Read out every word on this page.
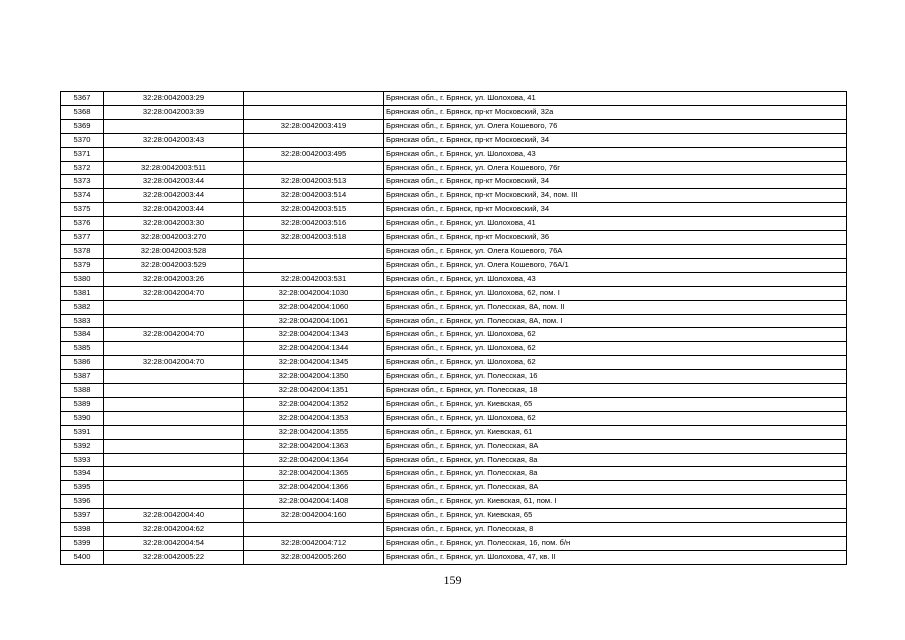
5367	32:28:0042003:29		Брянская обл., г. Брянск, ул. Шолохова, 41
5368	32:28:0042003:39		Брянская обл., г. Брянск, пр-кт Московский, 32а
5369		32:28:0042003:419	Брянская обл., г. Брянск, ул. Олега Кошевого, 76
5370	32:28:0042003:43		Брянская обл., г. Брянск, пр-кт Московский, 34
5371		32:28:0042003:495	Брянская обл., г. Брянск, ул. Шолохова, 43
5372	32:28:0042003:511		Брянская обл., г. Брянск, ул. Олега Кошевого, 76г
5373	32:28:0042003:44	32:28:0042003:513	Брянская обл., г. Брянск, пр-кт Московский, 34
5374	32:28:0042003:44	32:28:0042003:514	Брянская обл., г. Брянск, пр-кт Московский, 34, пом. III
5375	32:28:0042003:44	32:28:0042003:515	Брянская обл., г. Брянск, пр-кт Московский, 34
5376	32:28:0042003:30	32:28:0042003:516	Брянская обл., г. Брянск, ул. Шолохова, 41
5377	32:28:0042003:270	32:28:0042003:518	Брянская обл., г. Брянск, пр-кт Московский, 36
5378	32:28:0042003:528		Брянская обл., г. Брянск, ул. Олега Кошевого, 76А
5379	32:28:0042003:529		Брянская обл., г. Брянск, ул. Олега Кошевого, 76А/1
5380	32:28:0042003:26	32:28:0042003:531	Брянская обл., г. Брянск, ул. Шолохова, 43
5381	32:28:0042004:70	32:28:0042004:1030	Брянская обл., г. Брянск, ул. Шолохова, 62, пом. I
5382		32:28:0042004:1060	Брянская обл., г. Брянск, ул. Полесская, 8А, пом. II
5383		32:28:0042004:1061	Брянская обл., г. Брянск, ул. Полесская, 8А, пом. I
5384	32:28:0042004:70	32:28:0042004:1343	Брянская обл., г. Брянск, ул. Шолохова, 62
5385		32:28:0042004:1344	Брянская обл., г. Брянск, ул. Шолохова, 62
5386	32:28:0042004:70	32:28:0042004:1345	Брянская обл., г. Брянск, ул. Шолохова, 62
5387		32:28:0042004:1350	Брянская обл., г. Брянск, ул. Полесская, 16
5388		32:28:0042004:1351	Брянская обл., г. Брянск, ул. Полесская, 18
5389		32:28:0042004:1352	Брянская обл., г. Брянск, ул. Киевская, 65
5390		32:28:0042004:1353	Брянская обл., г. Брянск, ул. Шолохова, 62
5391		32:28:0042004:1355	Брянская обл., г. Брянск, ул. Киевская, 61
5392		32:28:0042004:1363	Брянская обл., г. Брянск, ул. Полесская, 8А
5393		32:28:0042004:1364	Брянская обл., г. Брянск, ул. Полесская, 8а
5394		32:28:0042004:1365	Брянская обл., г. Брянск, ул. Полесская, 8а
5395		32:28:0042004:1366	Брянская обл., г. Брянск, ул. Полесская, 8А
5396		32:28:0042004:1408	Брянская обл., г. Брянск, ул. Киевская, 61, пом. I
5397	32:28:0042004:40	32:28:0042004:160	Брянская обл., г. Брянск, ул. Киевская, 65
5398	32:28:0042004:62		Брянская обл., г. Брянск, ул. Полесская, 8
5399	32:28:0042004:54	32:28:0042004:712	Брянская обл., г. Брянск, ул. Полесская, 16, пом. б/н
5400	32:28:0042005:22	32:28:0042005:260	Брянская обл., г. Брянск, ул. Шолохова, 47, кв. II
159
